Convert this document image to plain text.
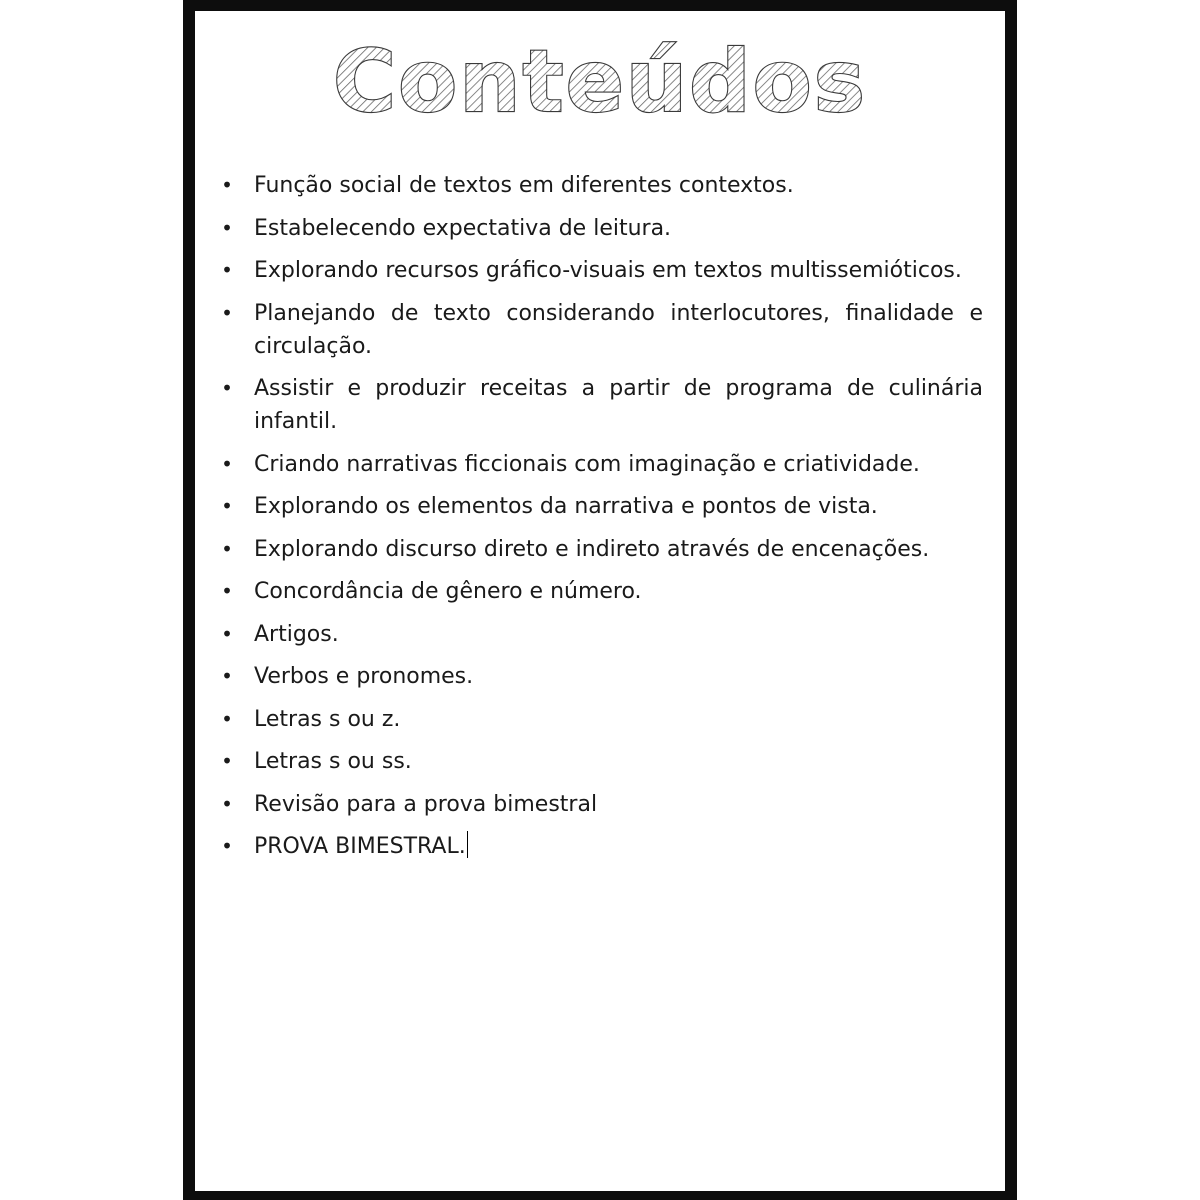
Conteúdos
• Função social de textos em diferentes contextos.
• Estabelecendo expectativa de leitura.
• Explorando recursos gráfico-visuais em textos multissemióticos.
• Planejando de texto considerando interlocutores, finalidade e circulação.
• Assistir e produzir receitas a partir de programa de culinária infantil.
• Criando narrativas ficcionais com imaginação e criatividade.
• Explorando os elementos da narrativa e pontos de vista.
• Explorando discurso direto e indireto através de encenações.
• Concordância de gênero e número.
• Artigos.
• Verbos e pronomes.
• Letras s ou z.
• Letras s ou ss.
• Revisão para a prova bimestral
• PROVA BIMESTRAL.
